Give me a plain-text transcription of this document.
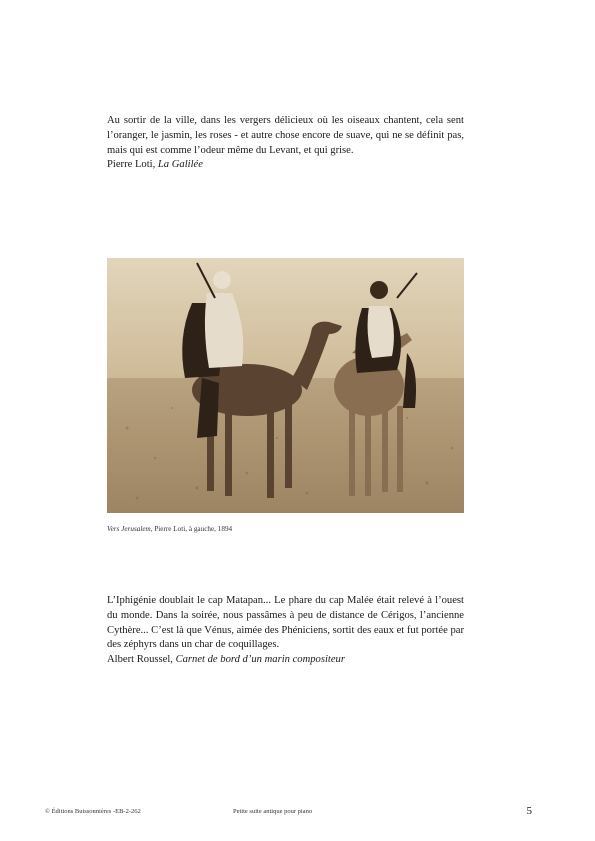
Au sortir de la ville, dans les vergers délicieux où les oiseaux chantent, cela sent l’oranger, le jasmin, les roses - et autre chose encore de suave, qui ne se définit pas, mais qui est comme l’odeur même du Levant, et qui grise.

Pierre Loti, La Galilée

Vers Jerusalem, Pierre Loti, à gauche, 1894

L’Iphigénie doublait le cap Matapan... Le phare du cap Malée était relevé à l’ouest du monde. Dans la soirée, nous passâmes à peu de distance de Cérigos, l’ancienne Cythère... C’est là que Vénus, aimée des Phéniciens, sortit des eaux et fut portée par des zéphyrs dans un char de coquillages.

Albert Roussel, Carnet de bord d’un marin compositeur

© Éditions Buissonnières -EB-2-262	Petite suite antique pour piano	5
